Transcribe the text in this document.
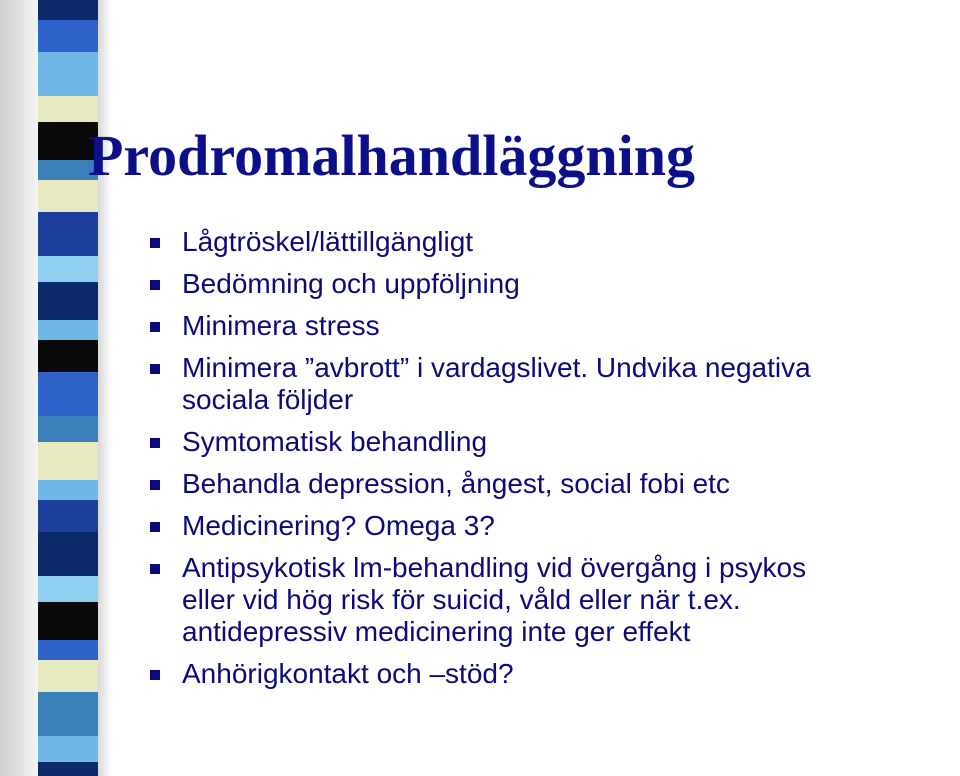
Prodromalhandläggning
Lågtröskel/lättillgängligt
Bedömning och uppföljning
Minimera stress
Minimera ”avbrott” i vardagslivet. Undvika negativa
sociala följder
Symtomatisk behandling
Behandla depression, ångest, social fobi etc
Medicinering? Omega 3?
Antipsykotisk lm-behandling vid övergång i psykos
eller vid hög risk för suicid, våld eller när t.ex.
antidepressiv medicinering inte ger effekt
Anhörigkontakt och –stöd?
